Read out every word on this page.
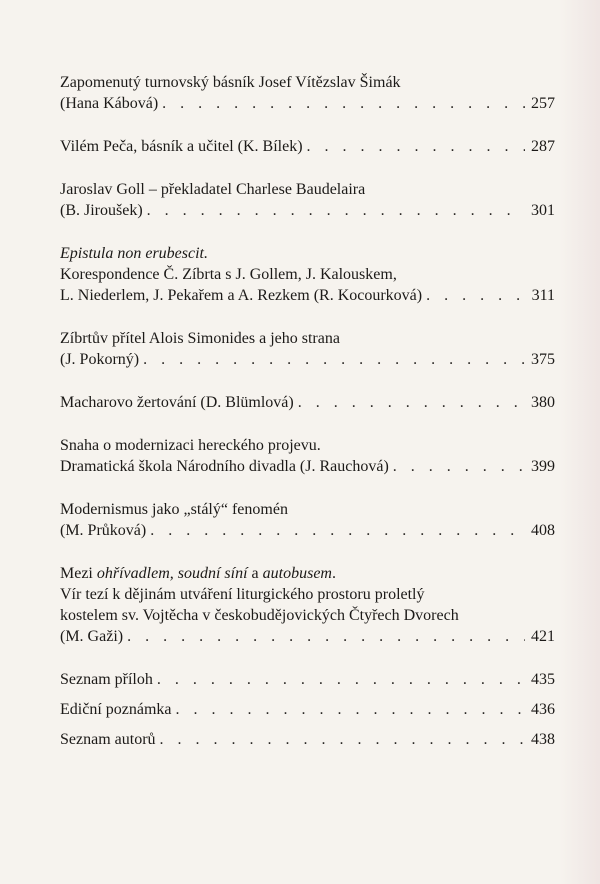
Zapomenutý turnovský básník Josef Vítězslav Šimák
(Hana Kábová) . . .	257
Vilém Peča, básník a učitel (K. Bílek) . . .	287
Jaroslav Goll – překladatel Charlese Baudelaira
(B. Jiroušek) . . .	301
Epistula non erubescit.
Korespondence Č. Zíbrta s J. Gollem, J. Kalouskem,
L. Niederlem, J. Pekařem a A. Rezkem (R. Kocourková) . . .	311
Zíbrtův přítel Alois Simonides a jeho strana
(J. Pokorný) . . .	375
Macharovo žertování (D. Blümlová) . . .	380
Snaha o modernizaci hereckého projevu.
Dramatická škola Národního divadla (J. Rauchová) . . .	399
Modernismus jako „stálý“ fenomén
(M. Průková) . . .	408
Mezi ohřívadlem, soudní síní a autobusem.
Vír tezí k dějinám utváření liturgického prostoru proletlý
kostelem sv. Vojtěcha v českobudějovických Čtyřech Dvorech
(M. Gaži) . . .	421
Seznam příloh . . .	435
Ediční poznámka . . .	436
Seznam autorů . . .	438
